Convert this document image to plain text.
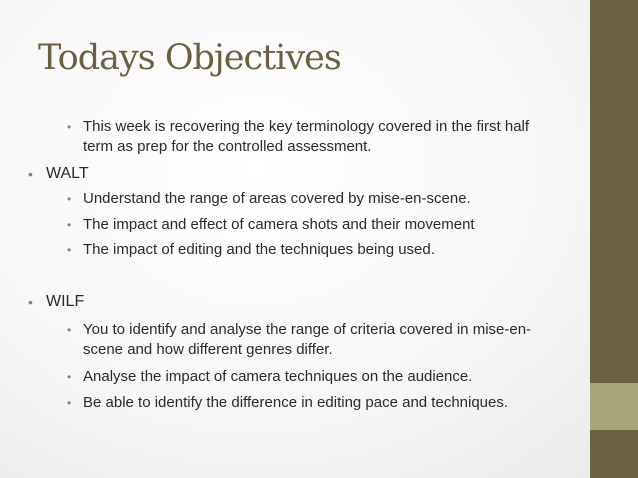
Todays Objectives
• This week is recovering the key terminology covered in the first half term as prep for the controlled assessment.
• WALT
• Understand the range of areas covered by mise-en-scene.
• The impact and effect of camera shots and their movement
• The impact of editing and the techniques being used.
• WILF
• You to identify and analyse the range of criteria covered in mise-en-scene and how different genres differ.
• Analyse the impact of camera techniques on the audience.
• Be able to identify the difference in editing pace and techniques.
